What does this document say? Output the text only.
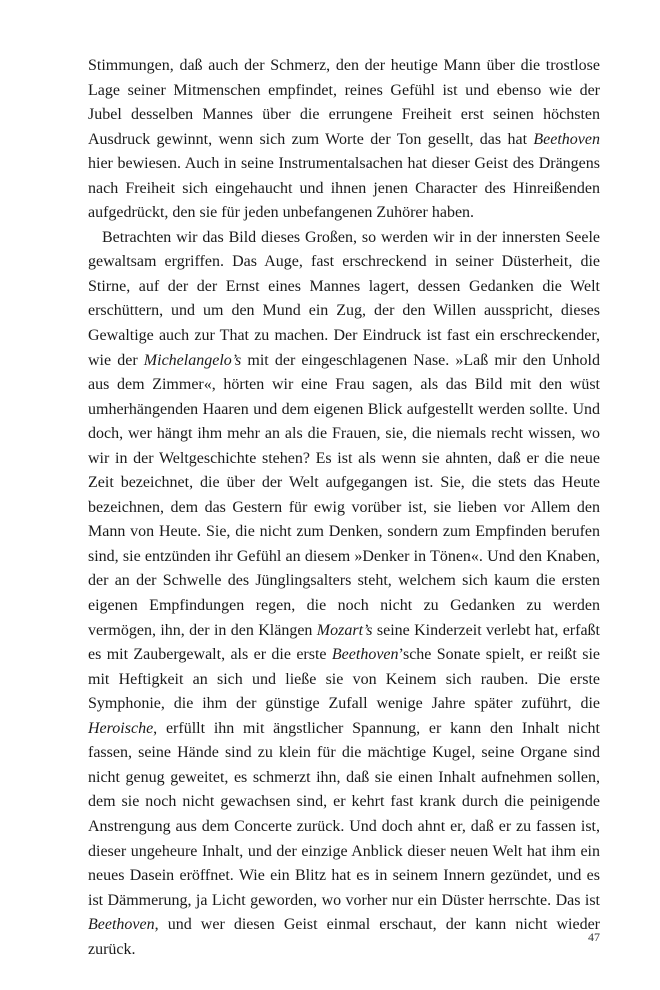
Stimmungen, daß auch der Schmerz, den der heutige Mann über die trostlose Lage seiner Mitmenschen empfindet, reines Gefühl ist und ebenso wie der Jubel desselben Mannes über die errungene Freiheit erst seinen höchsten Ausdruck gewinnt, wenn sich zum Worte der Ton gesellt, das hat Beethoven hier bewiesen. Auch in seine Instrumentalsachen hat dieser Geist des Drängens nach Freiheit sich eingehaucht und ihnen jenen Character des Hinreißenden aufgedrückt, den sie für jeden unbefangenen Zuhörer haben.

Betrachten wir das Bild dieses Großen, so werden wir in der innersten Seele gewaltsam ergriffen. Das Auge, fast erschreckend in seiner Düsterheit, die Stirne, auf der der Ernst eines Mannes lagert, dessen Gedanken die Welt erschüttern, und um den Mund ein Zug, der den Willen ausspricht, dieses Gewaltige auch zur That zu machen. Der Eindruck ist fast ein erschreckender, wie der Michelangelo’s mit der eingeschlagenen Nase. »Laß mir den Unhold aus dem Zimmer«, hörten wir eine Frau sagen, als das Bild mit den wüst umherhängenden Haaren und dem eigenen Blick aufgestellt werden sollte. Und doch, wer hängt ihm mehr an als die Frauen, sie, die niemals recht wissen, wo wir in der Weltgeschichte stehen? Es ist als wenn sie ahnten, daß er die neue Zeit bezeichnet, die über der Welt aufgegangen ist. Sie, die stets das Heute bezeichnen, dem das Gestern für ewig vorüber ist, sie lieben vor Allem den Mann von Heute. Sie, die nicht zum Denken, sondern zum Empfinden berufen sind, sie entzünden ihr Gefühl an diesem »Denker in Tönen«. Und den Knaben, der an der Schwelle des Jünglingsalters steht, welchem sich kaum die ersten eigenen Empfindungen regen, die noch nicht zu Gedanken zu werden vermögen, ihn, der in den Klängen Mozart’s seine Kinderzeit verlebt hat, erfaßt es mit Zaubergewalt, als er die erste Beethoven’sche Sonate spielt, er reißt sie mit Heftigkeit an sich und ließe sie von Keinem sich rauben. Die erste Symphonie, die ihm der günstige Zufall wenige Jahre später zuführt, die Heroische, erfüllt ihn mit ängstlicher Spannung, er kann den Inhalt nicht fassen, seine Hände sind zu klein für die mächtige Kugel, seine Organe sind nicht genug geweitet, es schmerzt ihn, daß sie einen Inhalt aufnehmen sollen, dem sie noch nicht gewachsen sind, er kehrt fast krank durch die peinigende Anstrengung aus dem Concerte zurück. Und doch ahnt er, daß er zu fassen ist, dieser ungeheure Inhalt, und der einzige Anblick dieser neuen Welt hat ihm ein neues Dasein eröffnet. Wie ein Blitz hat es in seinem Innern gezündet, und es ist Dämmerung, ja Licht geworden, wo vorher nur ein Düster herrschte. Das ist Beethoven, und wer diesen Geist einmal erschaut, der kann nicht wieder zurück.

47
